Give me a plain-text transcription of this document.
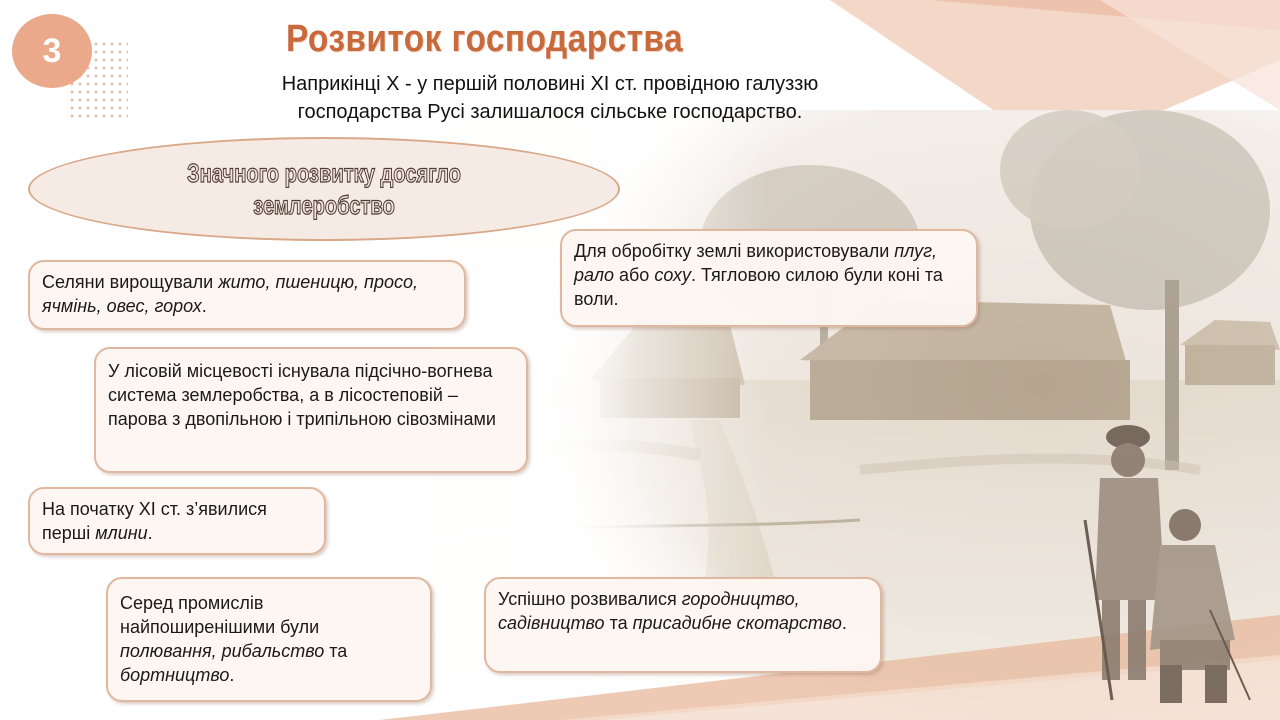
3	Розвиток господарства
Наприкінці Х - у першій половині ХІ ст. провідною галуззю
господарства Русі залишалося сільське господарство.
Значного розвитку досягло
землеробство
Селяни вирощували жито, пшеницю, просо, ячмінь, овес, горох.
У лісовій місцевості існувала підсічно-вогнева система землеробства, а в лісостеповій – парова з двопільною і трипільною сівозмінами
На початку ХІ ст. з’явилися перші млини.
Серед промислів найпоширенішими були полювання, рибальство та бортництво.
Для обробітку землі використовували плуг, рало або соху. Тягловою силою були коні та воли.
Успішно розвивалися городництво, садівництво та присадибне скотарство.
